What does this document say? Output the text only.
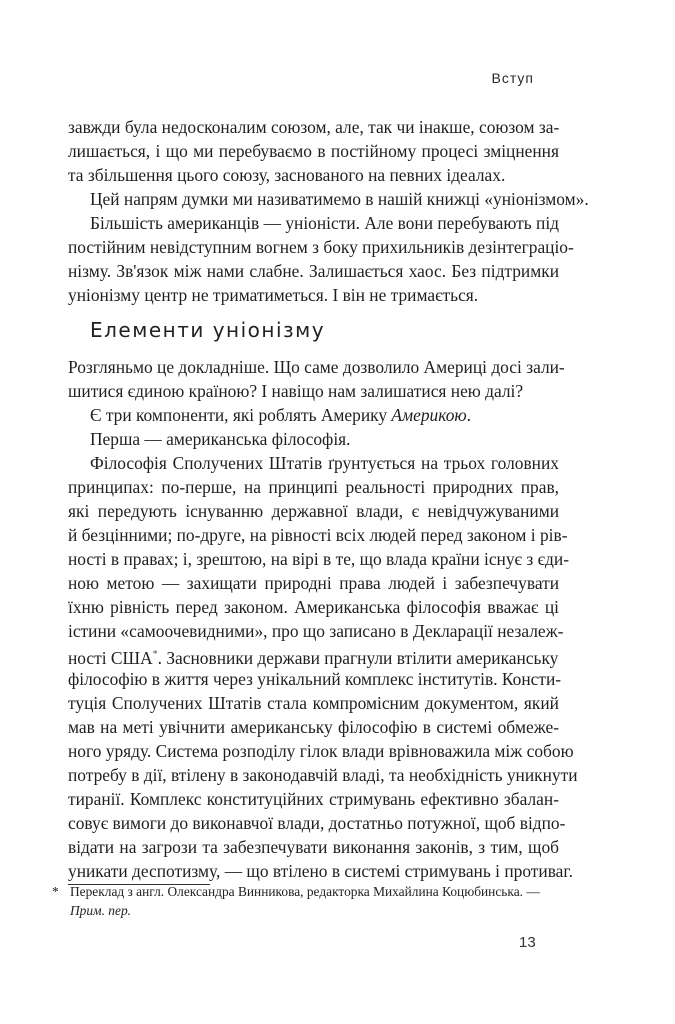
Вступ
завжди була недосконалим союзом, але, так чи інакше, союзом за-
лишається, і що ми перебуваємо в постійному процесі зміцнення
та збільшення цього союзу, заснованого на певних ідеалах.
Цей напрям думки ми називатимемо в нашій книжці «уніонізмом».
Більшість американців — уніоністи. Але вони перебувають під
постійним невідступним вогнем з боку прихильників дезінтеграціо-
нізму. Зв'язок між нами слабне. Залишається хаос. Без підтримки
уніонізму центр не триматиметься. І він не тримається.
Елементи уніонізму
Розгляньмо це докладніше. Що саме дозволило Америці досі зали-
шитися єдиною країною? І навіщо нам залишатися нею далі?
Є три компоненти, які роблять Америку Америкою.
Перша — американська філософія.
Філософія Сполучених Штатів ґрунтується на трьох головних
принципах: по-перше, на принципі реальності природних прав,
які передують існуванню державної влади, є невідчужуваними
й безцінними; по-друге, на рівності всіх людей перед законом і рів-
ності в правах; і, зрештою, на вірі в те, що влада країни існує з єди-
ною метою — захищати природні права людей і забезпечувати
їхню рівність перед законом. Американська філософія вважає ці
істини «самоочевидними», про що записано в Декларації незалеж-
ності США*. Засновники держави прагнули втілити американську
філософію в життя через унікальний комплекс інститутів. Консти-
туція Сполучених Штатів стала компромісним документом, який
мав на меті увічнити американську філософію в системі обмеже-
ного уряду. Система розподілу гілок влади врівноважила між собою
потребу в дії, втілену в законодавчій владі, та необхідність уникнути
тиранії. Комплекс конституційних стримувань ефективно збалан-
совує вимоги до виконавчої влади, достатньо потужної, щоб відпо-
відати на загрози та забезпечувати виконання законів, з тим, щоб
уникати деспотизму, — що втілено в системі стримувань і противаг.
* Переклад з англ. Олександра Винникова, редакторка Михайлина Коцюбинська. —
Прим. пер.
13
